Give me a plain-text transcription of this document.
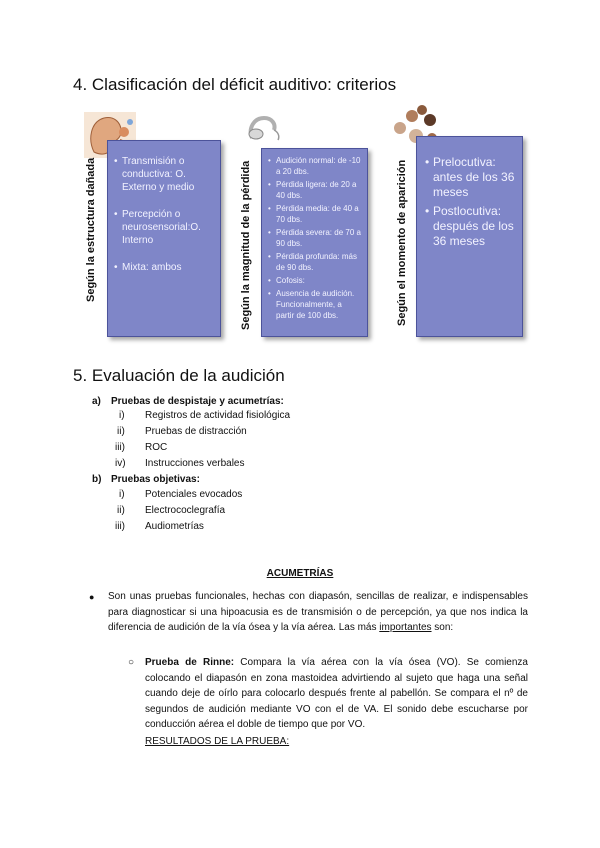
4. Clasificación del déficit auditivo: criterios
Según la estructura dañada	Según la magnitud de la pérdida	Según el momento de aparición
• Transmisión o conductiva: O. Externo y medio
• Percepción o neurosensorial:O. Interno
• Mixta: ambos
• Audición normal: de -10 a 20 dbs.
• Pérdida ligera: de 20 a 40 dbs.
• Pérdida media: de 40 a 70 dbs.
• Pérdida severa: de 70 a 90 dbs.
• Pérdida profunda: más de 90 dbs.
• Cofosis:
• Ausencia de audición. Funcionalmente, a partir de 100 dbs.
• Prelocutiva: antes de los 36 meses
• Postlocutiva: después de los 36 meses
5. Evaluación de la audición
a) Pruebas de despistaje y acumetrías:
i) Registros de actividad fisiológica
ii) Pruebas de distracción
iii) ROC
iv) Instrucciones verbales
b) Pruebas objetivas:
i) Potenciales evocados
ii) Electrococlegrafía
iii) Audiometrías
ACUMETRÍAS
● Son unas pruebas funcionales, hechas con diapasón, sencillas de realizar, e indispensables para diagnosticar si una hipoacusia es de transmisión o de percepción, ya que nos indica la diferencia de audición de la vía ósea y la vía aérea. Las más importantes son:
○ Prueba de Rinne: Compara la vía aérea con la vía ósea (VO). Se comienza colocando el diapasón en zona mastoidea advirtiendo al sujeto que haga una señal cuando deje de oírlo para colocarlo después frente al pabellón. Se compara el nº de segundos de audición mediante VO con el de VA. El sonido debe escucharse por conducción aérea el doble de tiempo que por VO.
RESULTADOS DE LA PRUEBA:
